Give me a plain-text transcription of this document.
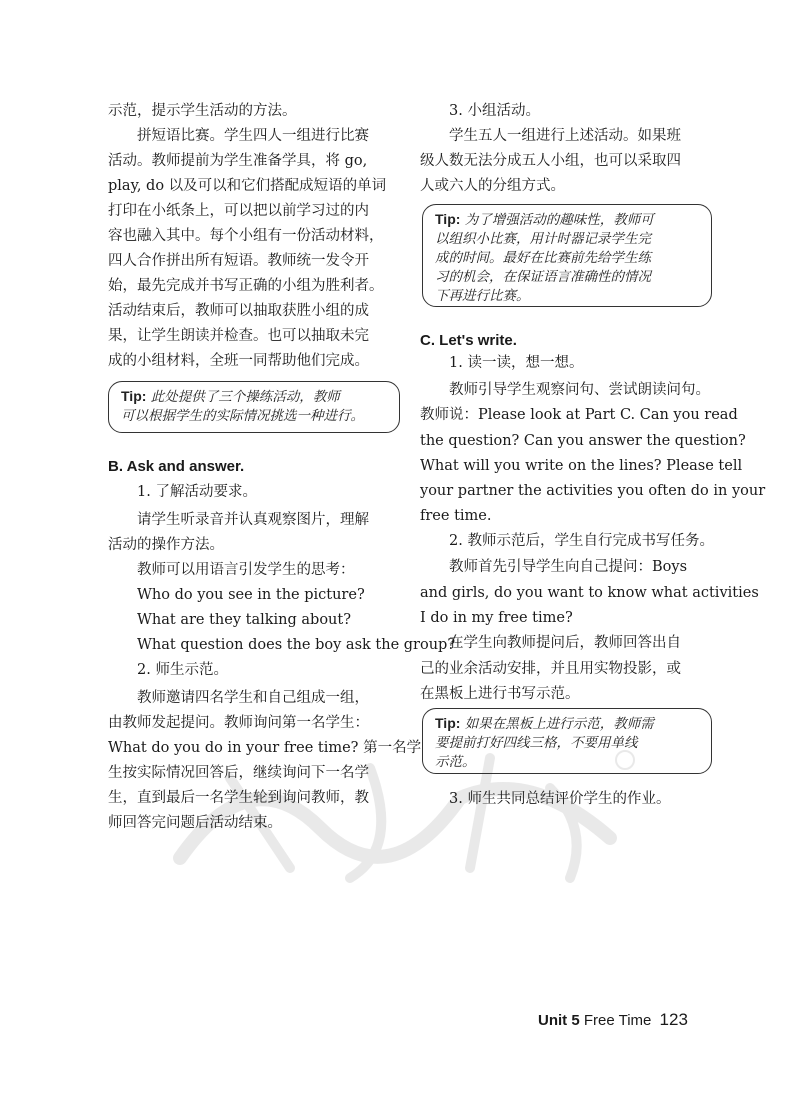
示范，提示学生活动的方法。
拼短语比赛。学生四人一组进行比赛
活动。教师提前为学生准备学具，将 go,
play, do 以及可以和它们搭配成短语的单词
打印在小纸条上，可以把以前学习过的内
容也融入其中。每个小组有一份活动材料，
四人合作拼出所有短语。教师统一发令开
始，最先完成并书写正确的小组为胜利者。
活动结束后，教师可以抽取获胜小组的成
果，让学生朗读并检查。也可以抽取未完
成的小组材料，全班一同帮助他们完成。
Tip: 此处提供了三个操练活动，教师
可以根据学生的实际情况挑选一种进行。
B. Ask and answer.
1. 了解活动要求。
请学生听录音并认真观察图片，理解
活动的操作方法。
教师可以用语言引发学生的思考：
Who do you see in the picture?
What are they talking about?
What question does the boy ask the group?
2. 师生示范。
教师邀请四名学生和自己组成一组，
由教师发起提问。教师询问第一名学生：
What do you do in your free time? 第一名学
生按实际情况回答后，继续询问下一名学
生，直到最后一名学生轮到询问教师，教
师回答完问题后活动结束。
3. 小组活动。
学生五人一组进行上述活动。如果班
级人数无法分成五人小组，也可以采取四
人或六人的分组方式。
Tip: 为了增强活动的趣味性，教师可
以组织小比赛，用计时器记录学生完
成的时间。最好在比赛前先给学生练
习的机会，在保证语言准确性的情况
下再进行比赛。
C. Let's write.
1. 读一读，想一想。
教师引导学生观察问句、尝试朗读问句。
教师说：Please look at Part C. Can you read
the question? Can you answer the question?
What will you write on the lines? Please tell
your partner the activities you often do in your
free time.
2. 教师示范后，学生自行完成书写任务。
教师首先引导学生向自己提问：Boys
and girls, do you want to know what activities
I do in my free time?
在学生向教师提问后，教师回答出自
己的业余活动安排，并且用实物投影，或
在黑板上进行书写示范。
Tip: 如果在黑板上进行示范，教师需
要提前打好四线三格，不要用单线
示范。
3. 师生共同总结评价学生的作业。
Unit 5 Free Time 123
